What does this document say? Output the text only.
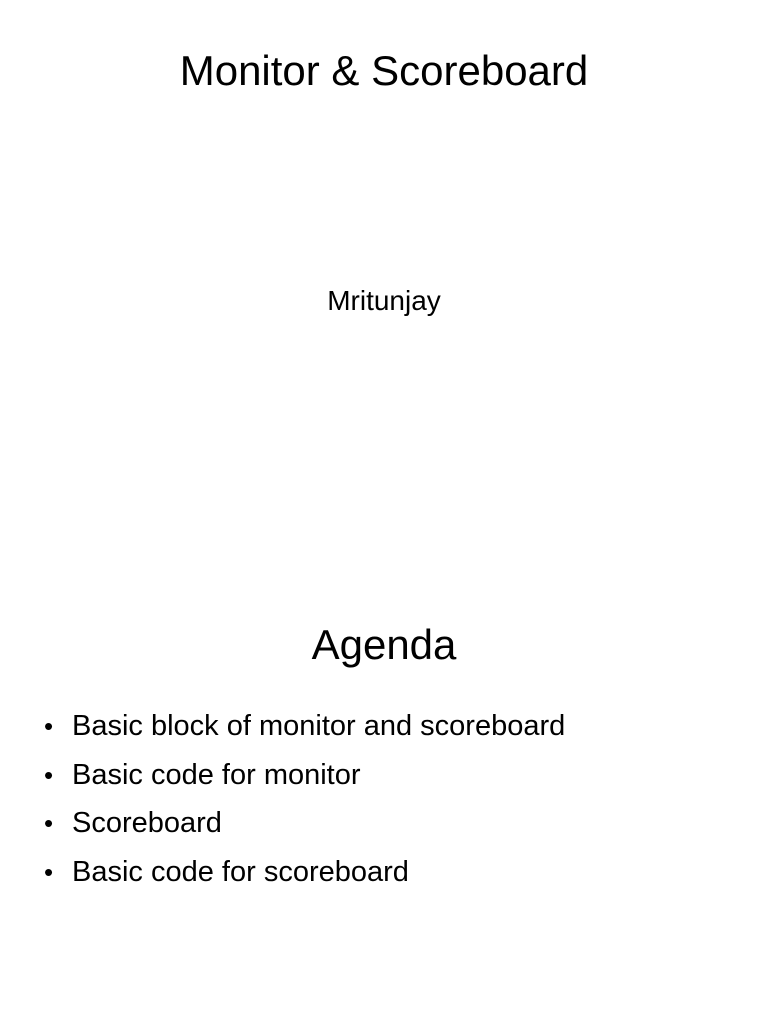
Monitor & Scoreboard
Mritunjay
Agenda
• Basic block of monitor and scoreboard
• Basic code for monitor
• Scoreboard
• Basic code for scoreboard
